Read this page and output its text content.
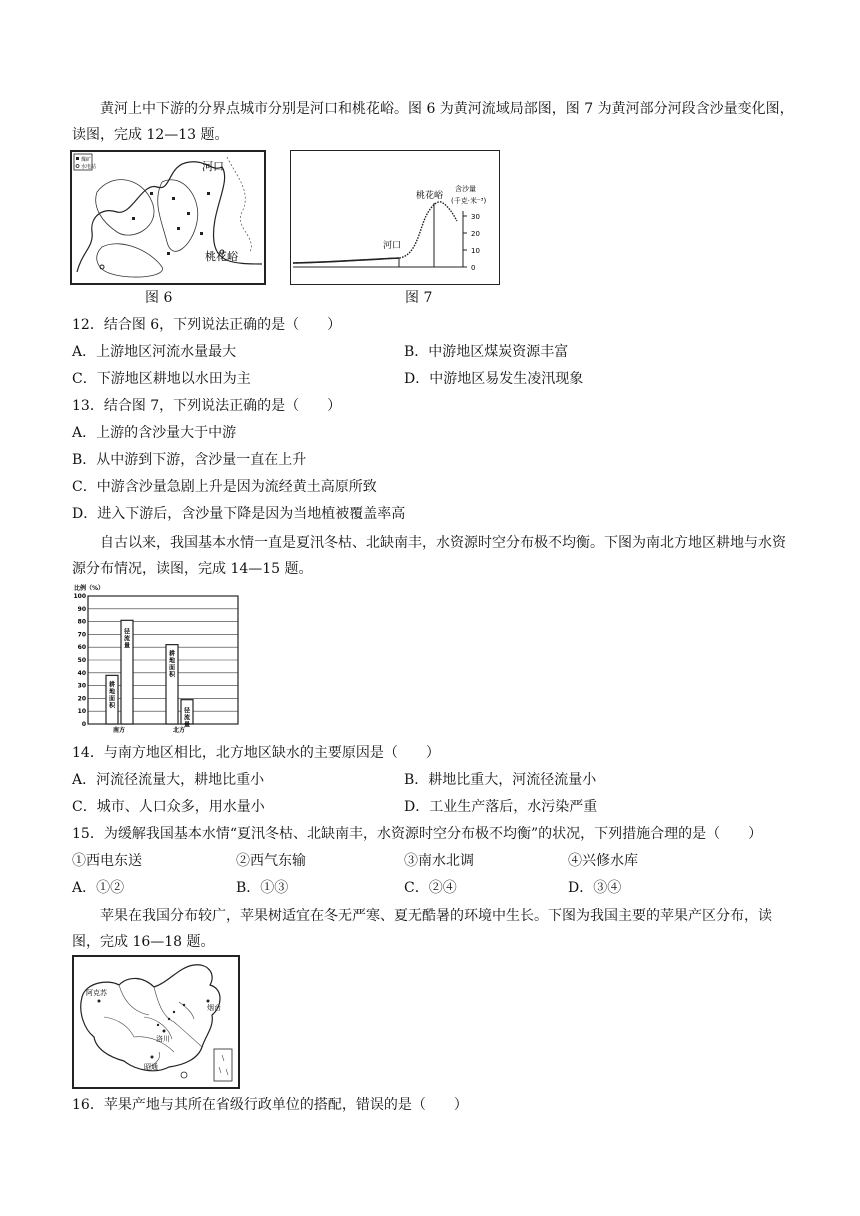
黄河上中下游的分界点城市分别是河口和桃花峪。图 6 为黄河流域局部图，图 7 为黄河部分河段含沙量变化图，读图，完成 12—13 题。
煤矿
水电站	河口
桃花峪
图 6
30
20
10
0
含沙量
(千克·米⁻³)
河口
桃花峪
图 7
12．结合图 6，下列说法正确的是（　　）
A．上游地区河流水量最大	B．中游地区煤炭资源丰富
C．下游地区耕地以水田为主	D．中游地区易发生凌汛现象
13．结合图 7，下列说法正确的是（　　）
A．上游的含沙量大于中游
B．从中游到下游，含沙量一直在上升
C．中游含沙量急剧上升是因为流经黄土高原所致
D．进入下游后，含沙量下降是因为当地植被覆盖率高
自古以来，我国基本水情一直是夏汛冬枯、北缺南丰，水资源时空分布极不均衡。下图为南北方地区耕地与水资源分布情况，读图，完成 14—15 题。
比例（%）
100
90
80
70
60
50
40
30
20
10
0
耕
地
面
积
径
流
量
耕
地
面
积
径
流
量
南方	北方
14．与南方地区相比，北方地区缺水的主要原因是（　　）
A．河流径流量大，耕地比重小	B．耕地比重大，河流径流量小
C．城市、人口众多，用水量小	D．工业生产落后，水污染严重
15．为缓解我国基本水情“夏汛冬枯、北缺南丰，水资源时空分布极不均衡”的状况，下列措施合理的是（　　）
①西电东送	②西气东输	③南水北调	④兴修水库
A．①②	B．①③	C．②④	D．③④
苹果在我国分布较广，苹果树适宜在冬无严寒、夏无酷暑的环境中生长。下图为我国主要的苹果产区分布，读图，完成 16—18 题。
阿克苏
洛川
烟台
昭通
16．苹果产地与其所在省级行政单位的搭配，错误的是（　　）
